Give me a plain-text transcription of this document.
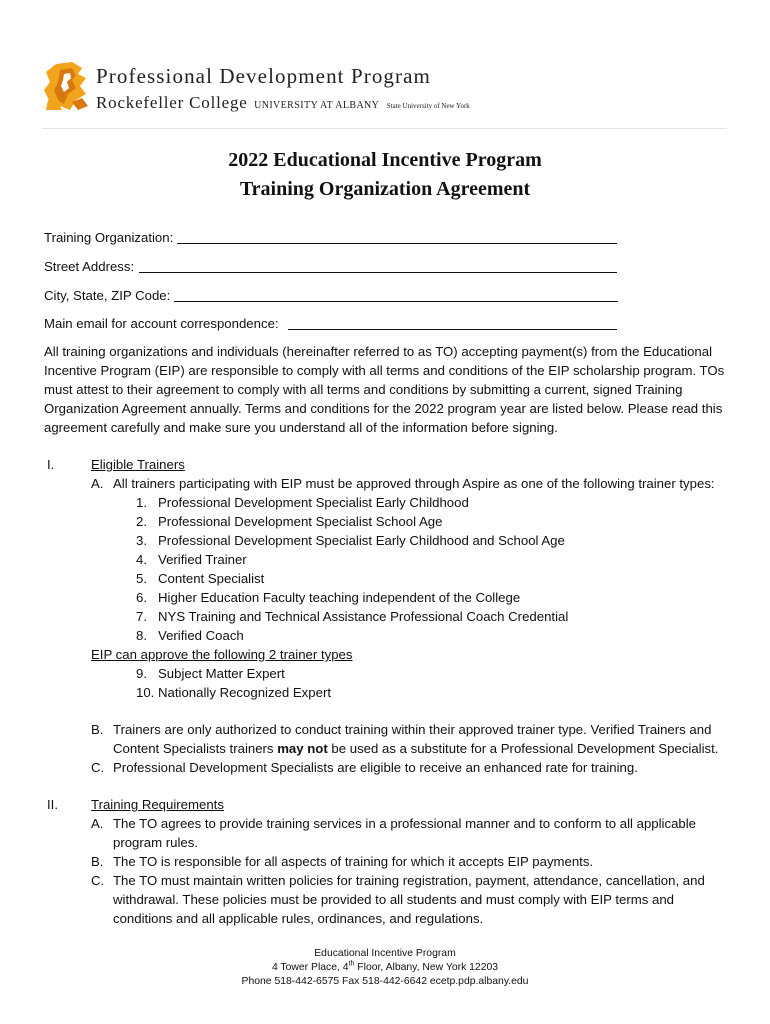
Professional Development Program
Rockefeller College UNIVERSITY AT ALBANY State University of New York
2022 Educational Incentive Program
Training Organization Agreement
Training Organization:
Street Address:
City, State, ZIP Code:
Main email for account correspondence:

All training organizations and individuals (hereinafter referred to as TO) accepting payment(s) from the Educational Incentive Program (EIP) are responsible to comply with all terms and conditions of the EIP scholarship program. TOs must attest to their agreement to comply with all terms and conditions by submitting a current, signed Training Organization Agreement annually. Terms and conditions for the 2022 program year are listed below. Please read this agreement carefully and make sure you understand all of the information before signing.

I.	Eligible Trainers
A. All trainers participating with EIP must be approved through Aspire as one of the following trainer types:
1. Professional Development Specialist Early Childhood
2. Professional Development Specialist School Age
3. Professional Development Specialist Early Childhood and School Age
4. Verified Trainer
5. Content Specialist
6. Higher Education Faculty teaching independent of the College
7. NYS Training and Technical Assistance Professional Coach Credential
8. Verified Coach
EIP can approve the following 2 trainer types
9. Subject Matter Expert
10. Nationally Recognized Expert
B. Trainers are only authorized to conduct training within their approved trainer type. Verified Trainers and
Content Specialists trainers may not be used as a substitute for a Professional Development Specialist.
C. Professional Development Specialists are eligible to receive an enhanced rate for training.
II.	Training Requirements
A. The TO agrees to provide training services in a professional manner and to conform to all applicable
program rules.
B. The TO is responsible for all aspects of training for which it accepts EIP payments.
C. The TO must maintain written policies for training registration, payment, attendance, cancellation, and
withdrawal. These policies must be provided to all students and must comply with EIP terms and
conditions and all applicable rules, ordinances, and regulations.
Educational Incentive Program
4 Tower Place, 4th Floor, Albany, New York 12203
Phone 518-442-6575 Fax 518-442-6642 ecetp.pdp.albany.edu
